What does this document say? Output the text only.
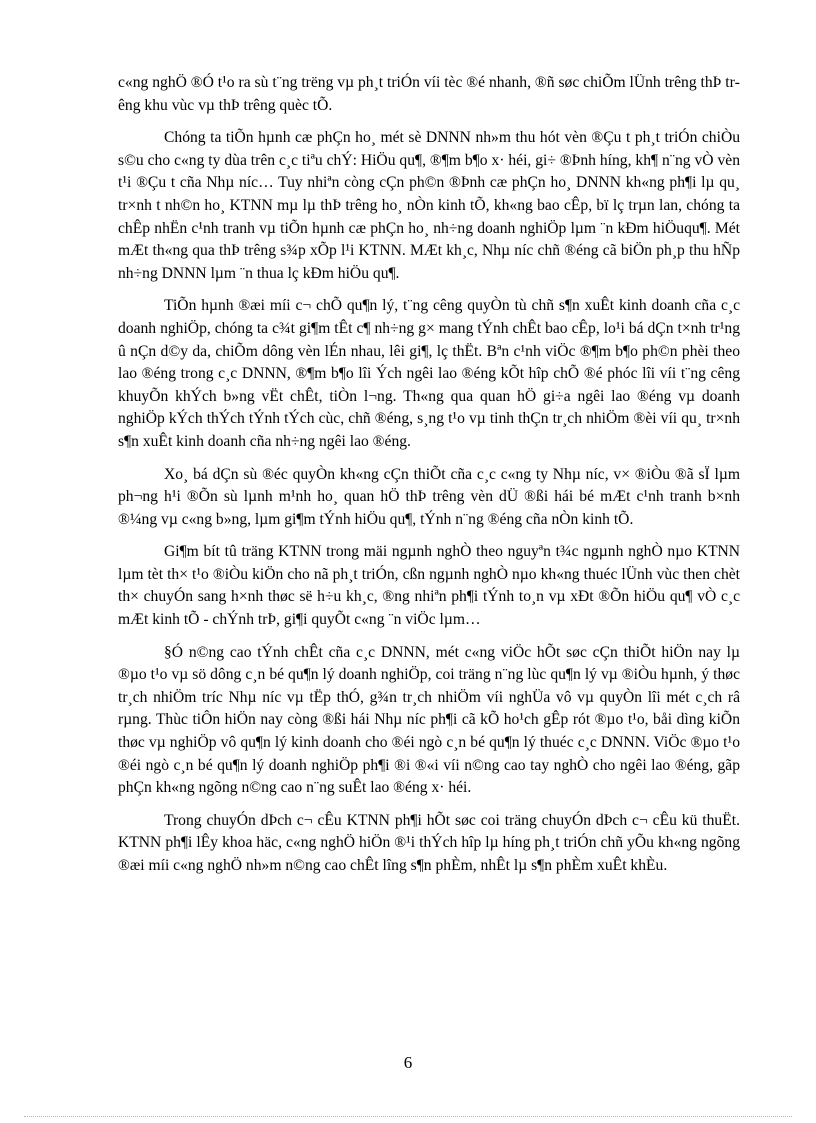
c«ng nghÖ ®Ó t¹o ra sù t¨ng trëng vµ ph¸t triÓn víi tèc ®é nhanh, ®ñ søc chiÕm lÜnh trêng thÞ trêng khu vùc vµ thÞ trêng quèc tÕ.

Chóng ta tiÕn hµnh cæ phÇn ho¸ mét sè DNNN nh»m thu hót vèn ®Çu t ph¸t triÓn chiÒu s©u cho c«ng ty dùa trên c¸c tiªu chÝ: HiÖu qu¶, ®¶m b¶o x· héi, gi÷ ®Þnh híng, kh¶ n¨ng vÒ vèn t¹i ®Çu t cña Nhµ níc… Tuy nhiªn còng cÇn ph©n ®Þnh cæ phÇn ho¸ DNNN kh«ng ph¶i lµ qu¸ tr×nh t nh©n ho¸ KTNN mµ lµ thÞ trêng ho¸ nÒn kinh tÕ, kh«ng bao cÊp, bï lç trµn lan, chóng ta chÊp nhËn c¹nh tranh vµ tiÕn hµnh cæ phÇn ho¸ nh÷ng doanh nghiÖp lµm ¨n kÐm hiÖuqu¶. Mét mÆt th«ng qua thÞ trêng s¾p xÕp l¹i KTNN. MÆt kh¸c, Nhµ níc chñ ®éng cã biÖn ph¸p thu hÑp nh÷ng DNNN lµm ¨n thua lç kÐm hiÖu qu¶.

TiÕn hµnh ®æi míi c¬ chÕ qu¶n lý, t¨ng cêng quyÒn tù chñ s¶n xuÊt kinh doanh cña c¸c doanh nghiÖp, chóng ta c¾t gi¶m tÊt c¶ nh÷ng g× mang tÝnh chÊt bao cÊp, lo¹i bá dÇn t×nh tr¹ng û nÇn d©y da, chiÕm dông vèn lÉn nhau, lêi gi¶, lç thËt. Bªn c¹nh viÖc ®¶m b¶o ph©n phèi theo lao ®éng trong c¸c DNNN, ®¶m b¶o lîi Ých ngêi lao ®éng kÕt hîp chÕ ®é phóc lîi víi t¨ng cêng khuyÕn khÝch b»ng vËt chÊt, tiÒn l¬ng. Th«ng qua quan hÖ gi÷a ngêi lao ®éng vµ doanh nghiÖp kÝch thÝch tÝnh tÝch cùc, chñ ®éng, s¸ng t¹o vµ tinh thÇn tr¸ch nhiÖm ®èi víi qu¸ tr×nh s¶n xuÊt kinh doanh cña nh÷ng ngêi lao ®éng.

Xo¸ bá dÇn sù ®éc quyÒn kh«ng cÇn thiÕt cña c¸c c«ng ty Nhµ níc, v× ®iÒu ®ã sÏ lµm ph¬ng h¹i ®Õn sù lµnh m¹nh ho¸ quan hÖ thÞ trêng vèn dÜ ®ßi hái bé mÆt c¹nh tranh b×nh ®¼ng vµ c«ng b»ng, lµm gi¶m tÝnh hiÖu qu¶, tÝnh n¨ng ®éng cña nÒn kinh tÕ.

Gi¶m bít tû träng KTNN trong mäi ngµnh nghÒ theo nguyªn t¾c ngµnh nghÒ nµo KTNN lµm tèt th× t¹o ®iÒu kiÖn cho nã ph¸t triÓn, cßn ngµnh nghÒ nµo kh«ng thuéc lÜnh vùc then chèt th× chuyÓn sang h×nh thøc së h÷u kh¸c, ®ng nhiªn ph¶i tÝnh to¸n vµ xÐt ®Õn hiÖu qu¶ vÒ c¸c mÆt kinh tÕ - chÝnh trÞ, gi¶i quyÕt c«ng ¨n viÖc lµm…

§Ó n©ng cao tÝnh chÊt cña c¸c DNNN, mét c«ng viÖc hÕt søc cÇn thiÕt hiÖn nay lµ ®µo t¹o vµ sö dông c¸n bé qu¶n lý doanh nghiÖp, coi träng n¨ng lùc qu¶n lý vµ ®iÒu hµnh, ý thøc tr¸ch nhiÖm tríc Nhµ níc vµ tËp thÓ, g¾n tr¸ch nhiÖm víi nghÜa vô vµ quyÒn lîi mét c¸ch râ rµng. Thùc tiÔn hiÖn nay còng ®ßi hái Nhµ níc ph¶i cã kÕ ho¹ch gÊp rót ®µo t¹o, båi dìng kiÕn thøc vµ nghiÖp vô qu¶n lý kinh doanh cho ®éi ngò c¸n bé qu¶n lý thuéc c¸c DNNN. ViÖc ®µo t¹o ®éi ngò c¸n bé qu¶n lý doanh nghiÖp ph¶i ®i ®«i víi n©ng cao tay nghÒ cho ngêi lao ®éng, gãp phÇn kh«ng ngõng n©ng cao n¨ng suÊt lao ®éng x· héi.

Trong chuyÓn dÞch c¬ cÊu KTNN ph¶i hÕt søc coi träng chuyÓn dÞch c¬ cÊu kü thuËt. KTNN ph¶i lÊy khoa häc, c«ng nghÖ hiÖn ®¹i thÝch hîp lµ híng ph¸t triÓn chñ yÕu kh«ng ngõng ®æi míi c«ng nghÖ nh»m n©ng cao chÊt lîng s¶n phÈm, nhÊt lµ s¶n phÈm xuÊt khÈu.

6
